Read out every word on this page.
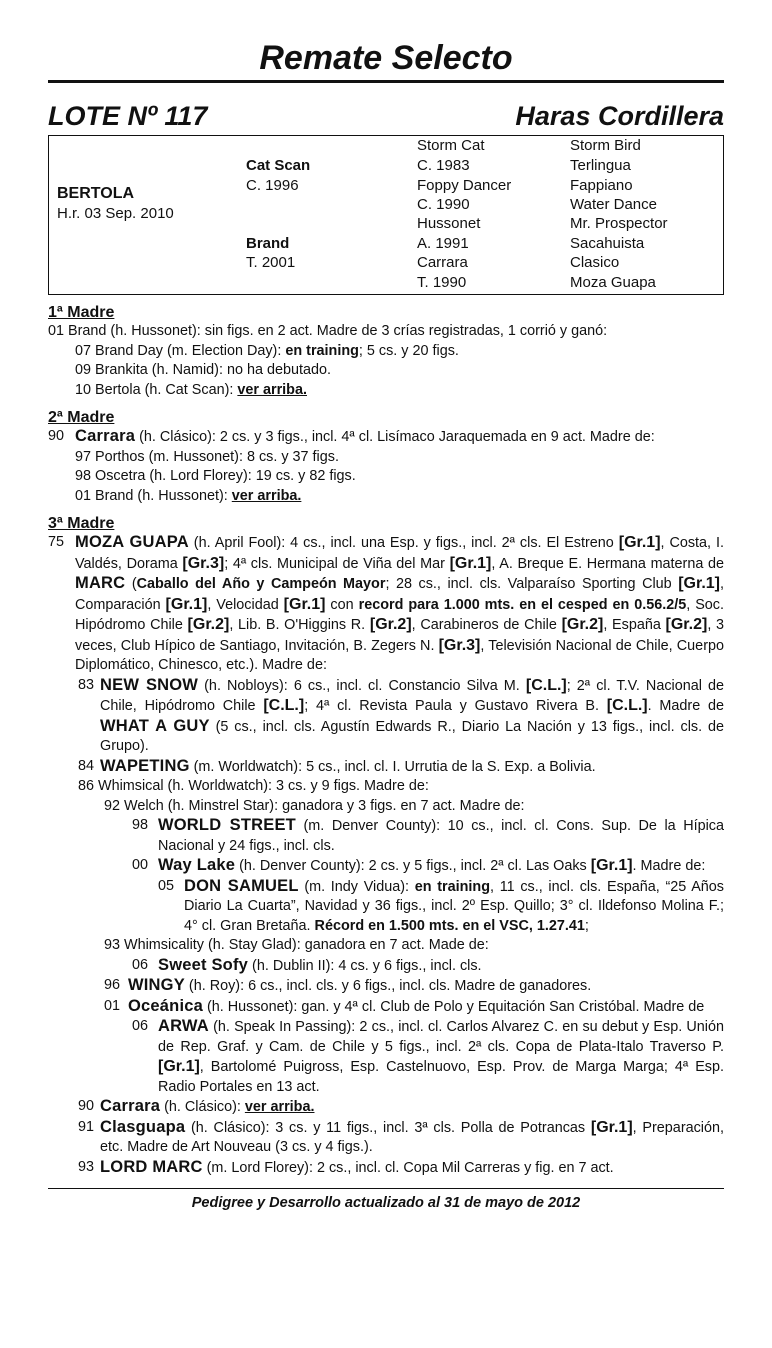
Remate Selecto
LOTE Nº 117	Haras Cordillera
BERTOLA
H.r. 03 Sep. 2010
Cat Scan
C. 1996
Brand
T. 2001
Storm Cat
C. 1983
Foppy Dancer
C. 1990
Hussonet
A. 1991
Carrara
T. 1990
Storm Bird
Terlingua
Fappiano
Water Dance
Mr. Prospector
Sacahuista
Clasico
Moza Guapa
1ª Madre
01 Brand (h. Hussonet): sin figs. en 2 act. Madre de 3 crías registradas, 1 corrió y ganó:
07 Brand Day (m. Election Day): en training; 5 cs. y 20 figs.
09 Brankita (h. Namid): no ha debutado.
10 Bertola (h. Cat Scan): ver arriba.
2ª Madre
90 Carrara (h. Clásico): 2 cs. y 3 figs., incl. 4ª cl. Lisímaco Jaraquemada en 9 act. Madre de:
97 Porthos (m. Hussonet): 8 cs. y 37 figs.
98 Oscetra (h. Lord Florey): 19 cs. y 82 figs.
01 Brand (h. Hussonet): ver arriba.
3ª Madre
75 MOZA GUAPA (h. April Fool): 4 cs., incl. una Esp. y figs., incl. 2ª cls. El Estreno [Gr.1], Costa, I. Valdés, Dorama [Gr.3]; 4ª cls. Municipal de Viña del Mar [Gr.1], A. Breque E. Hermana materna de MARC (Caballo del Año y Campeón Mayor; 28 cs., incl. cls. Valparaíso Sporting Club [Gr.1], Comparación [Gr.1], Velocidad [Gr.1] con record para 1.000 mts. en el cesped en 0.56.2/5, Soc. Hipódromo Chile [Gr.2], Lib. B. O'Higgins R. [Gr.2], Carabineros de Chile [Gr.2], España [Gr.2], 3 veces, Club Hípico de Santiago, Invitación, B. Zegers N. [Gr.3], Televisión Nacional de Chile, Cuerpo Diplomático, Chinesco, etc.). Madre de:
83 NEW SNOW (h. Nobloys): 6 cs., incl. cl. Constancio Silva M. [C.L.]; 2ª cl. T.V. Nacional de Chile, Hipódromo Chile [C.L.]; 4ª cl. Revista Paula y Gustavo Rivera B. [C.L.]. Madre de WHAT A GUY (5 cs., incl. cls. Agustín Edwards R., Diario La Nación y 13 figs., incl. cls. de Grupo).
84 WAPETING (m. Worldwatch): 5 cs., incl. cl. I. Urrutia de la S. Exp. a Bolivia.
86 Whimsical (h. Worldwatch): 3 cs. y 9 figs. Madre de:
92 Welch (h. Minstrel Star): ganadora y 3 figs. en 7 act. Madre de:
98 WORLD STREET (m. Denver County): 10 cs., incl. cl. Cons. Sup. De la Hípica Nacional y 24 figs., incl. cls.
00 Way Lake (h. Denver County): 2 cs. y 5 figs., incl. 2ª cl. Las Oaks [Gr.1]. Madre de:
05 DON SAMUEL (m. Indy Vidua): en training, 11 cs., incl. cls. España, “25 Años Diario La Cuarta”, Navidad y 36 figs., incl. 2º Esp. Quillo; 3° cl. Ildefonso Molina F.; 4° cl. Gran Bretaña. Récord en 1.500 mts. en el VSC, 1.27.41;
93 Whimsicality (h. Stay Glad): ganadora en 7 act. Made de:
06 Sweet Sofy (h. Dublin II): 4 cs. y 6 figs., incl. cls.
96 WINGY (h. Roy): 6 cs., incl. cls. y 6 figs., incl. cls. Madre de ganadores.
01 Oceánica (h. Hussonet): gan. y 4ª cl. Club de Polo y Equitación San Cristóbal. Madre de
06 ARWA (h. Speak In Passing): 2 cs., incl. cl. Carlos Alvarez C. en su debut y Esp. Unión de Rep. Graf. y Cam. de Chile y 5 figs., incl. 2ª cls. Copa de Plata-Italo Traverso P. [Gr.1], Bartolomé Puigross, Esp. Castelnuovo, Esp. Prov. de Marga Marga; 4ª Esp. Radio Portales en 13 act.
90 Carrara (h. Clásico): ver arriba.
91 Clasguapa (h. Clásico): 3 cs. y 11 figs., incl. 3ª cls. Polla de Potrancas [Gr.1], Preparación, etc. Madre de Art Nouveau (3 cs. y 4 figs.).
93 LORD MARC (m. Lord Florey): 2 cs., incl. cl. Copa Mil Carreras y fig. en 7 act.
Pedigree y Desarrollo actualizado al 31 de mayo de 2012
